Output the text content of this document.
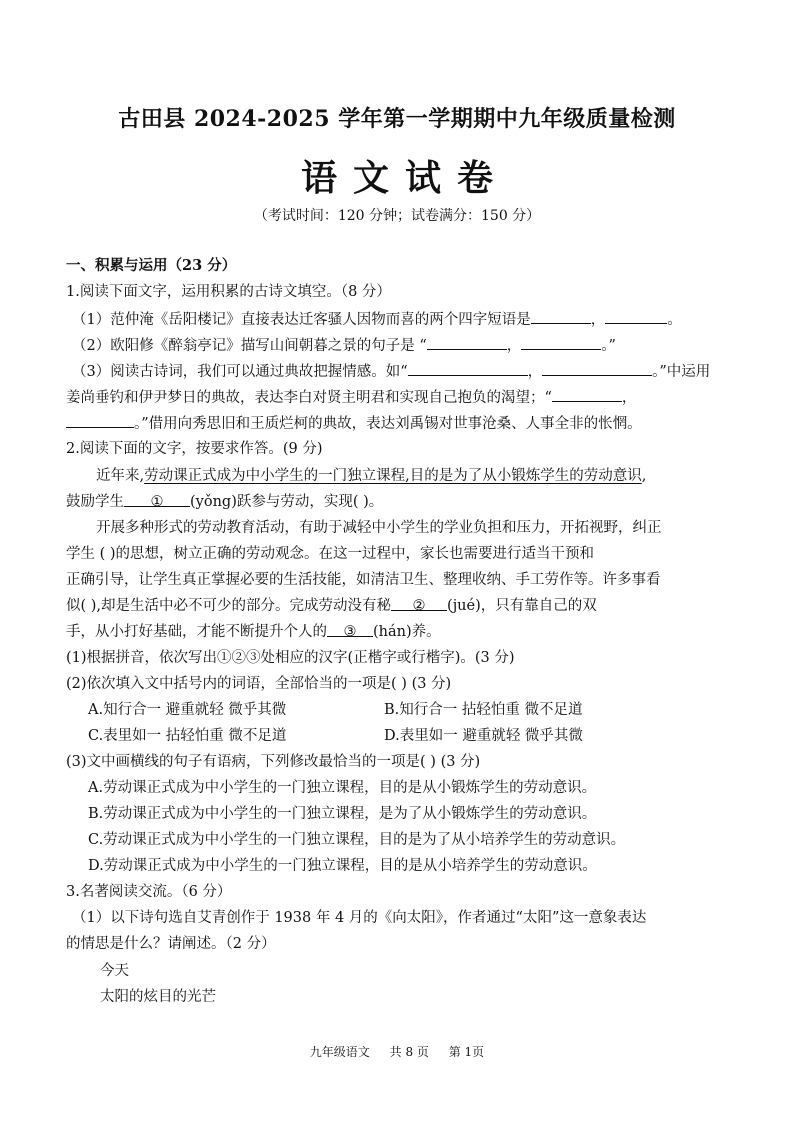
古田县 2024-2025 学年第一学期期中九年级质量检测
语文试卷
（考试时间：120 分钟；试卷满分：150 分）
一、积累与运用（23 分）
1.阅读下面文字，运用积累的古诗文填空。（8 分）
（1）范仲淹《岳阳楼记》直接表达迁客骚人因物而喜的两个四字短语是	，	。
（2）欧阳修《醉翁亭记》描写山间朝暮之景的句子是 “	，	。”
（3）阅读古诗词，我们可以通过典故把握情感。如“	，	。”中运用
姜尚垂钓和伊尹梦日的典故，表达李白对贤主明君和实现自己抱负的渴望；“	，
。”借用向秀思旧和王质烂柯的典故，表达刘禹锡对世事沧桑、人事全非的怅惘。
2.阅读下面的文字，按要求作答。(9 分)
近年来,劳动课正式成为中小学生的一门独立课程,目的是为了从小锻炼学生的劳动意识,
鼓励学生 ① (yǒng)跃参与劳动，实现( )。
开展多种形式的劳动教育活动，有助于减轻中小学生的学业负担和压力，开拓视野，纠正
学生 ( )的思想，树立正确的劳动观念。在这一过程中，家长也需要进行适当干预和
正确引导，让学生真正掌握必要的生活技能，如清洁卫生、整理收纳、手工劳作等。许多事看
似( ),却是生活中必不可少的部分。完成劳动没有秘 ② (jué)，只有靠自己的双
手，从小打好基础，才能不断提升个人的 ③ (hán)养。
(1)根据拼音，依次写出①②③处相应的汉字(正楷字或行楷字)。(3 分)
(2)依次填入文中括号内的词语，全部恰当的一项是( ) (3 分)
A.知行合一 避重就轻 微乎其微	B.知行合一 拈轻怕重 微不足道
C.表里如一 拈轻怕重 微不足道	D.表里如一 避重就轻 微乎其微
(3)文中画横线的句子有语病，下列修改最恰当的一项是( ) (3 分)
A.劳动课正式成为中小学生的一门独立课程，目的是从小锻炼学生的劳动意识。
B.劳动课正式成为中小学生的一门独立课程，是为了从小锻炼学生的劳动意识。
C.劳动课正式成为中小学生的一门独立课程，目的是为了从小培养学生的劳动意识。
D.劳动课正式成为中小学生的一门独立课程，目的是从小培养学生的劳动意识。
3.名著阅读交流。（6 分）
（1）以下诗句选自艾青创作于 1938 年 4 月的《向太阳》，作者通过“太阳”这一意象表达
的情思是什么？请阐述。（2 分）
今天
太阳的炫目的光芒
九年级语文 共 8 页 第 1页
